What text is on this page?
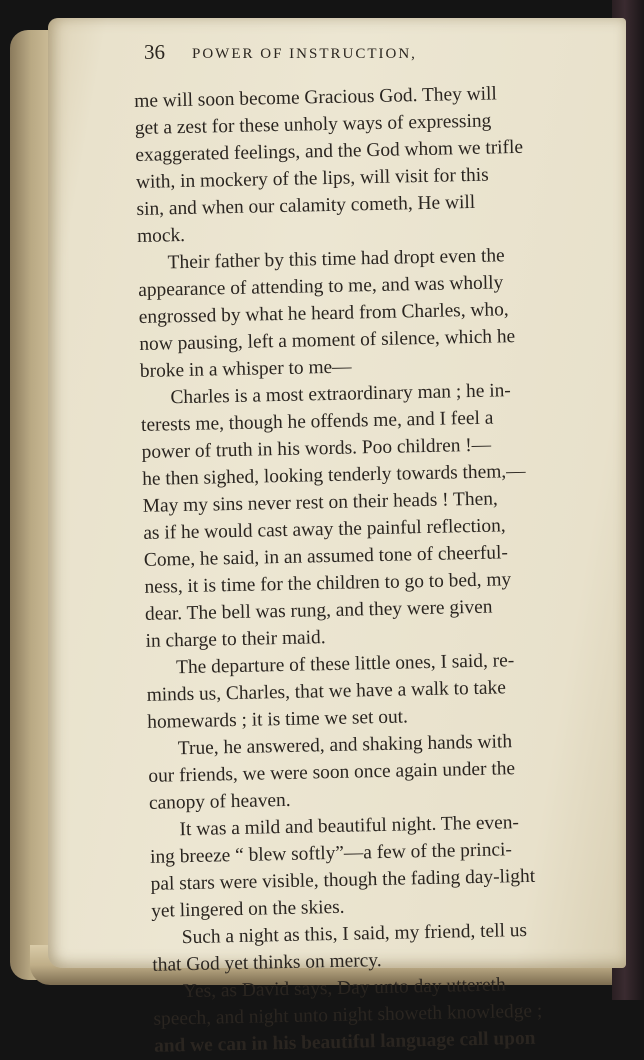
36 POWER OF INSTRUCTION,
me will soon become Gracious God. They will
get a zest for these unholy ways of expressing
exaggerated feelings, and the God whom we trifle
with, in mockery of the lips, will visit for this
sin, and when our calamity cometh, He will
mock.
Their father by this time had dropt even the
appearance of attending to me, and was wholly
engrossed by what he heard from Charles, who,
now pausing, left a moment of silence, which he
broke in a whisper to me—
Charles is a most extraordinary man ; he in-
terests me, though he offends me, and I feel a
power of truth in his words. Poo children !—
he then sighed, looking tenderly towards them,—
May my sins never rest on their heads ! Then,
as if he would cast away the painful reflection,
Come, he said, in an assumed tone of cheerful-
ness, it is time for the children to go to bed, my
dear. The bell was rung, and they were given
in charge to their maid.
The departure of these little ones, I said, re-
minds us, Charles, that we have a walk to take
homewards ; it is time we set out.
True, he answered, and shaking hands with
our friends, we were soon once again under the
canopy of heaven.
It was a mild and beautiful night. The even-
ing breeze “ blew softly”—a few of the princi-
pal stars were visible, though the fading day-light
yet lingered on the skies.
Such a night as this, I said, my friend, tell us
that God yet thinks on mercy.
Yes, as David says, Day unto day uttereth
speech, and night unto night showeth knowledge ;
and we can in his beautiful language call upon
